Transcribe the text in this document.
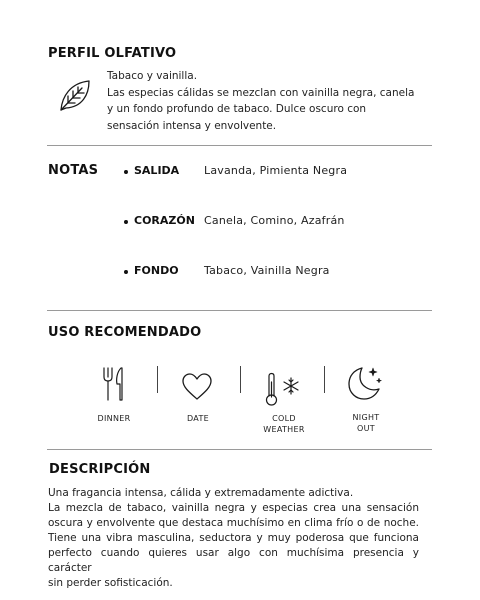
PERFIL OLFATIVO
Tabaco y vainilla.
Las especias cálidas se mezclan con vainilla negra, canela
y un fondo profundo de tabaco. Dulce oscuro con
sensación intensa y envolvente.
NOTAS	SALIDA Lavanda, Pimienta Negra
CORAZÓN Canela, Comino, Azafrán
FONDO Tabaco, Vainilla Negra
USO RECOMENDADO
DINNER	DATE	COLD
WEATHER
NIGHT
OUT
DESCRIPCIÓN
Una fragancia intensa, cálida y extremadamente adictiva.
La mezcla de tabaco, vainilla negra y especias crea una sensación
oscura y envolvente que destaca muchísimo en clima frío o de noche.
Tiene una vibra masculina, seductora y muy poderosa que funciona
perfecto cuando quieres usar algo con muchísima presencia y carácter
sin perder sofisticación.
